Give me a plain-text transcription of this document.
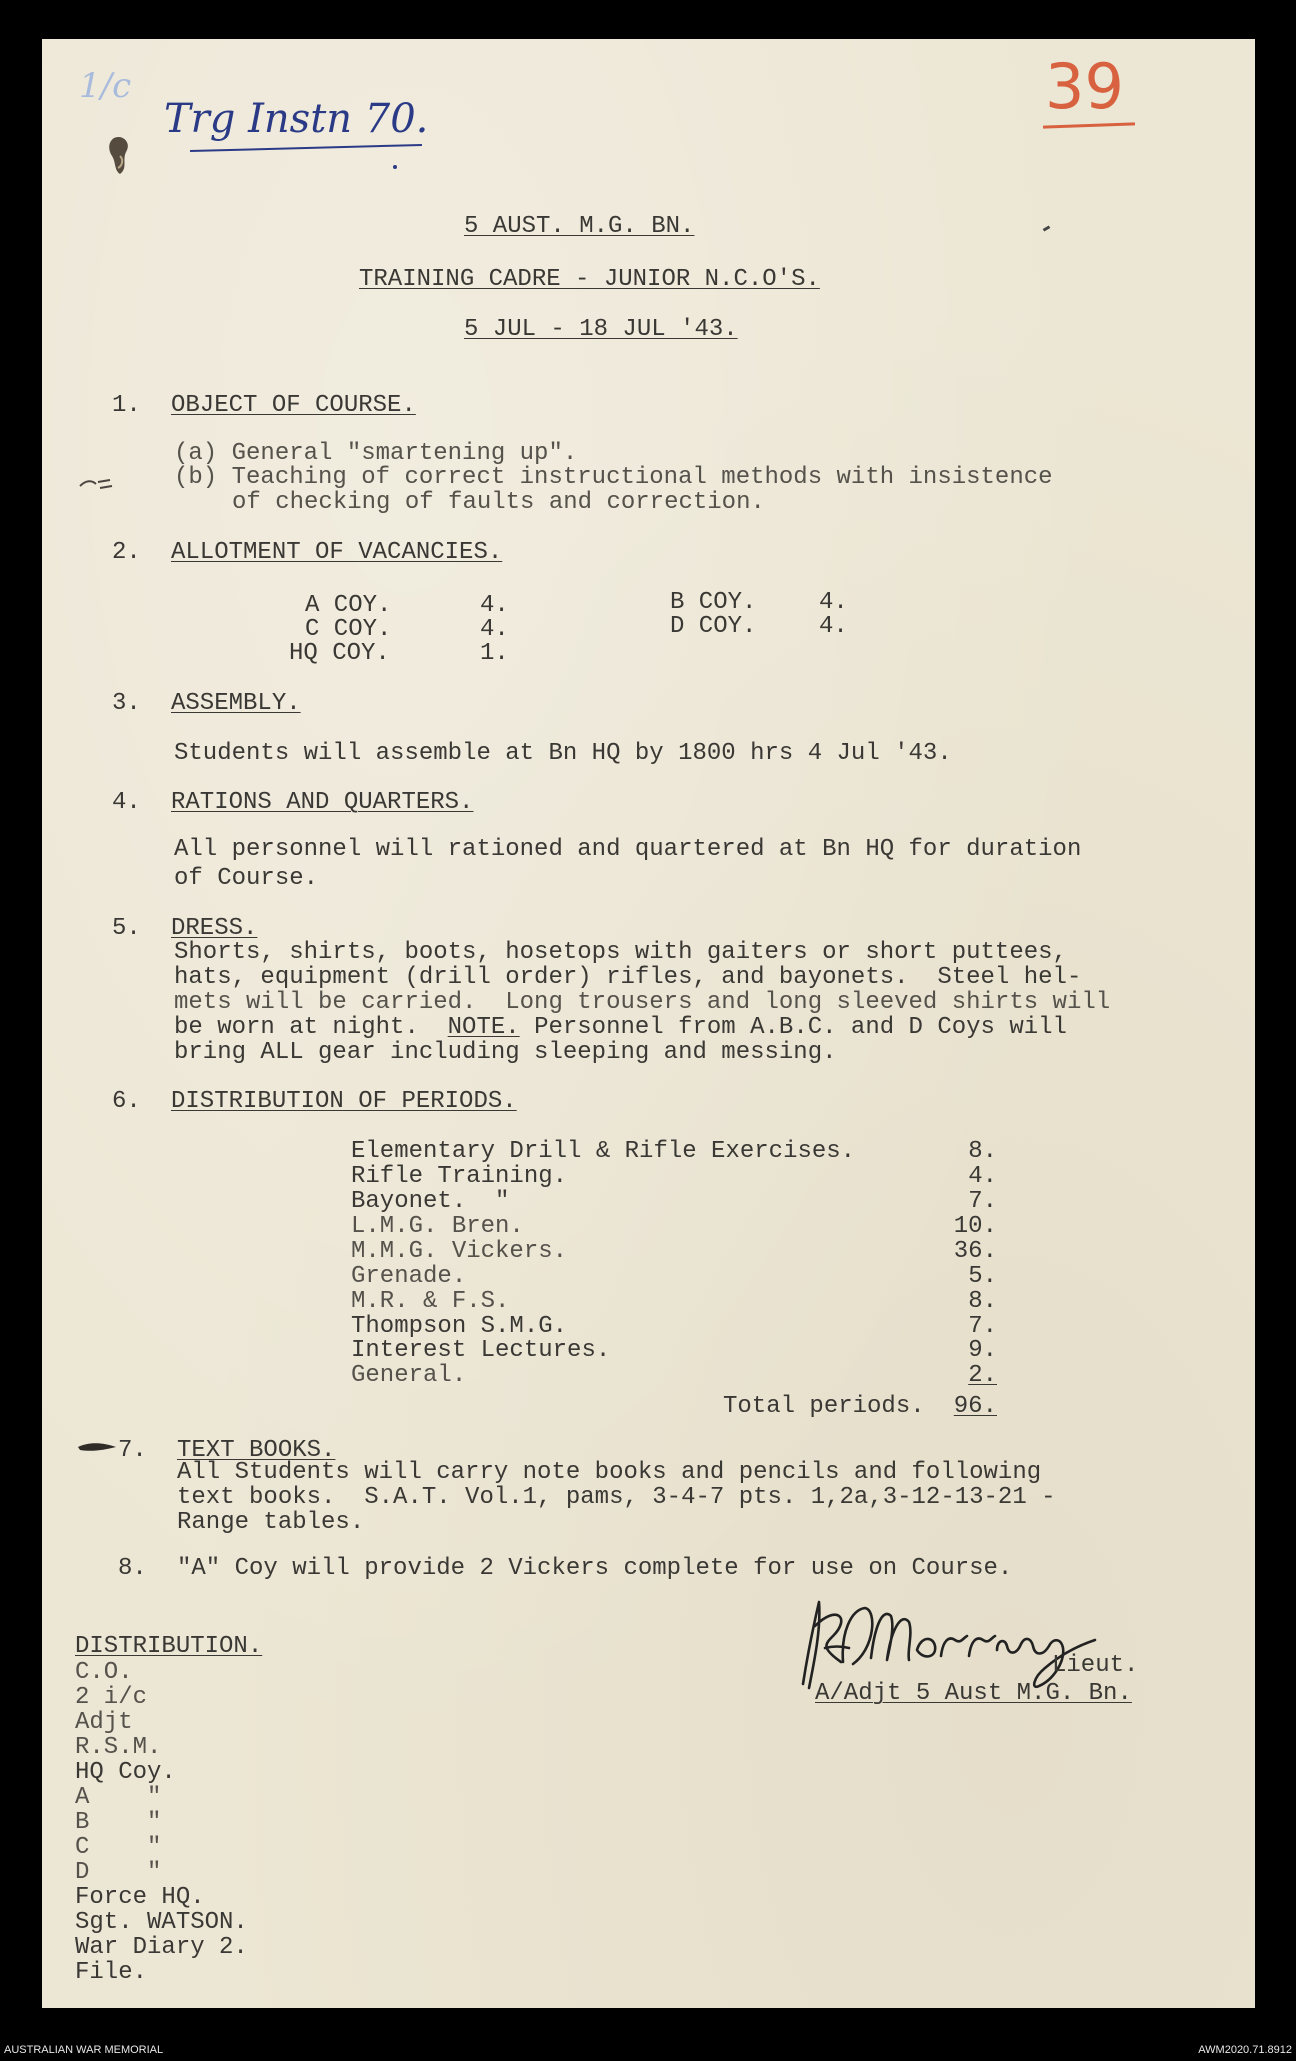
1/c
Trg Instn 70.	39
5 AUST. M.G. BN.
TRAINING CADRE - JUNIOR N.C.O'S.
5 JUL - 18 JUL '43.
1. OBJECT OF COURSE.
(a) General "smartening up".
(b) Teaching of correct instructional methods with insistence
of checking of faults and correction.
2. ALLOTMENT OF VACANCIES.
A COY.	4.
C COY.	4.
HQ COY.	1.
B COY.	4.
D COY.	4.
3. ASSEMBLY.
Students will assemble at Bn HQ by 1800 hrs 4 Jul '43.
4. RATIONS AND QUARTERS.
All personnel will rationed and quartered at Bn HQ for duration
of Course.
5. DRESS.
Shorts, shirts, boots, hosetops with gaiters or short puttees,
hats, equipment (drill order) rifles, and bayonets.  Steel hel-
mets will be carried.  Long trousers and long sleeved shirts will
be worn at night.  NOTE. Personnel from A.B.C. and D Coys will
bring ALL gear including sleeping and messing.
6. DISTRIBUTION OF PERIODS.
Elementary Drill & Rifle Exercises.	8.
Rifle Training.	4.
Bayonet.  "	7.
L.M.G. Bren.	10.
M.M.G. Vickers.	36.
Grenade.	5.
M.R. & F.S.	8.
Thompson S.M.G.	7.
Interest Lectures.	9.
General.	2.
Total periods.	96.
7. TEXT BOOKS.
All Students will carry note books and pencils and following
text books.  S.A.T. Vol.1, pams, 3-4-7 pts. 1,2a,3-12-13-21 -
Range tables.
8. "A" Coy will provide 2 Vickers complete for use on Course.
Lieut.
A/Adjt 5 Aust M.G. Bn.
DISTRIBUTION.
C.O.
2 i/c
Adjt
R.S.M.
HQ Coy.
A    "
B    "
C    "
D    "
Force HQ.
Sgt. WATSON.
War Diary 2.
File.
AUSTRALIAN WAR MEMORIAL	AWM2020.71.8912
